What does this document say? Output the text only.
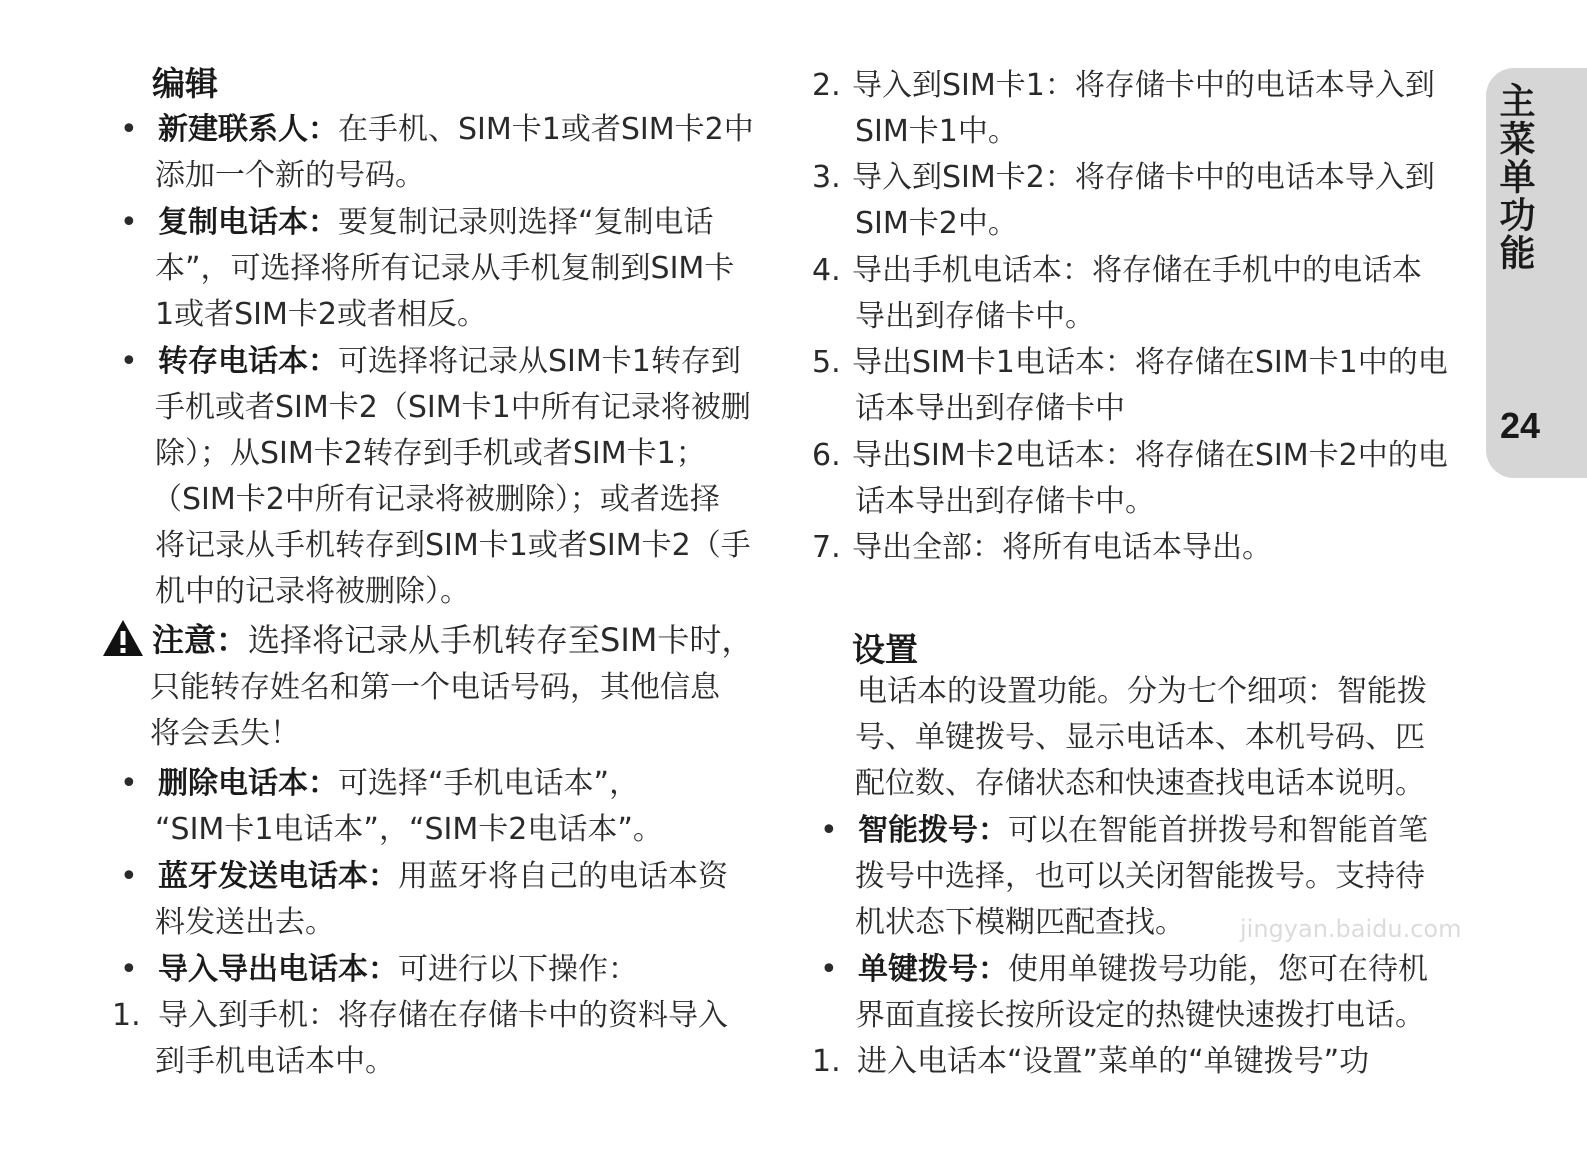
主菜单功能
24
编辑
• 新建联系人：在手机、SIM卡1或者SIM卡2中
添加一个新的号码。
• 复制电话本：要复制记录则选择“复制电话
本”，可选择将所有记录从手机复制到SIM卡
1或者SIM卡2或者相反。
• 转存电话本：可选择将记录从SIM卡1转存到
手机或者SIM卡2（SIM卡1中所有记录将被删
除）；从SIM卡2转存到手机或者SIM卡1；
（SIM卡2中所有记录将被删除）；或者选择
将记录从手机转存到SIM卡1或者SIM卡2（手
机中的记录将被删除）。
注意：选择将记录从手机转存至SIM卡时，
只能转存姓名和第一个电话号码，其他信息
将会丢失！
• 删除电话本：可选择“手机电话本”，
“SIM卡1电话本”，“SIM卡2电话本”。
• 蓝牙发送电话本：用蓝牙将自己的电话本资
料发送出去。
• 导入导出电话本：可进行以下操作：
1. 导入到手机：将存储在存储卡中的资料导入
到手机电话本中。
2. 导入到SIM卡1：将存储卡中的电话本导入到
SIM卡1中。
3. 导入到SIM卡2：将存储卡中的电话本导入到
SIM卡2中。
4. 导出手机电话本：将存储在手机中的电话本
导出到存储卡中。
5. 导出SIM卡1电话本：将存储在SIM卡1中的电
话本导出到存储卡中
6. 导出SIM卡2电话本：将存储在SIM卡2中的电
话本导出到存储卡中。
7. 导出全部：将所有电话本导出。
设置
电话本的设置功能。分为七个细项：智能拨
号、单键拨号、显示电话本、本机号码、匹
配位数、存储状态和快速查找电话本说明。
• 智能拨号：可以在智能首拼拨号和智能首笔
拨号中选择，也可以关闭智能拨号。支持待
机状态下模糊匹配查找。
• 单键拨号：使用单键拨号功能，您可在待机
界面直接长按所设定的热键快速拨打电话。
1. 进入电话本“设置”菜单的“单键拨号”功
jingyan.baidu.com
